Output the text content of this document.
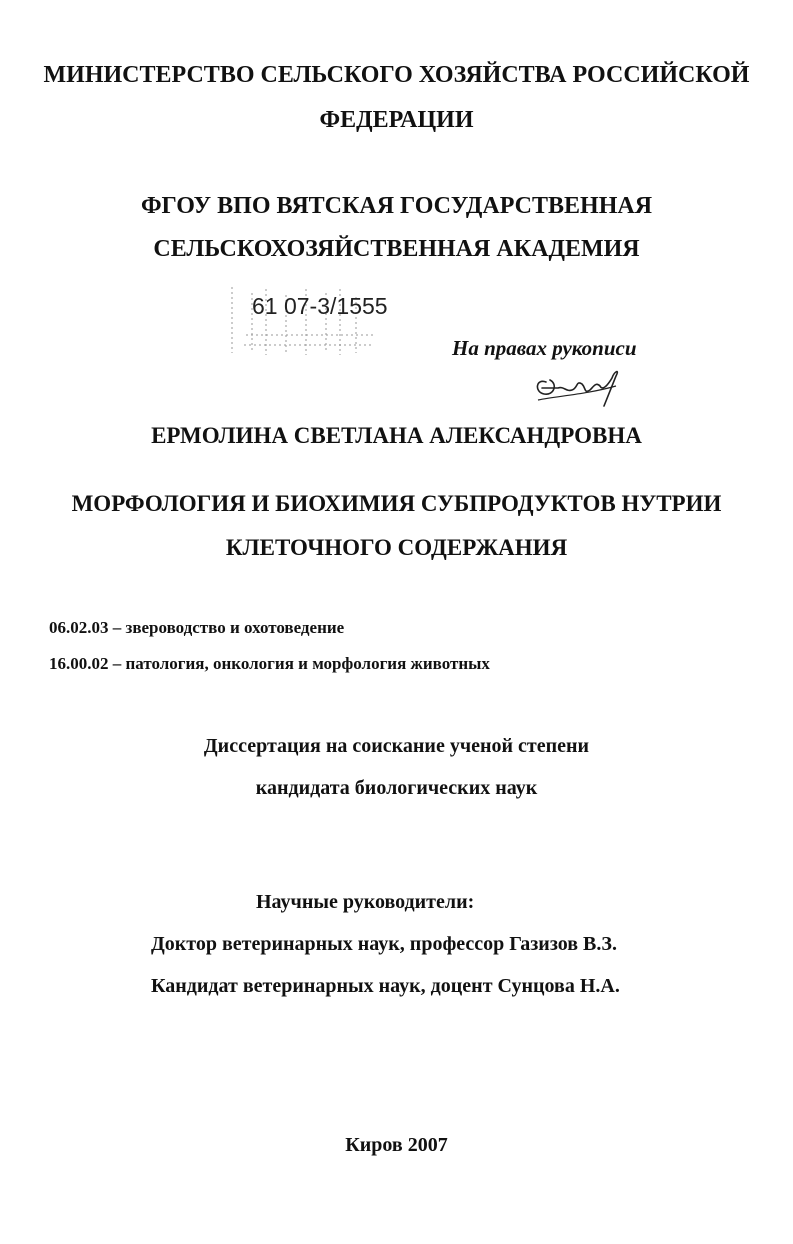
МИНИСТЕРСТВО СЕЛЬСКОГО ХОЗЯЙСТВА РОССИЙСКОЙ
ФЕДЕРАЦИИ
ФГОУ ВПО ВЯТСКАЯ ГОСУДАРСТВЕННАЯ
СЕЛЬСКОХОЗЯЙСТВЕННАЯ АКАДЕМИЯ
61 07-3/1555
На правах рукописи
ЕРМОЛИНА СВЕТЛАНА АЛЕКСАНДРОВНА
МОРФОЛОГИЯ И БИОХИМИЯ СУБПРОДУКТОВ НУТРИИ
КЛЕТОЧНОГО СОДЕРЖАНИЯ
06.02.03 – звероводство и охотоведение
16.00.02 – патология, онкология и морфология животных
Диссертация на соискание ученой степени
кандидата биологических наук
Научные руководители:
Доктор ветеринарных наук, профессор Газизов В.З.
Кандидат ветеринарных наук, доцент Сунцова Н.А.
Киров 2007
